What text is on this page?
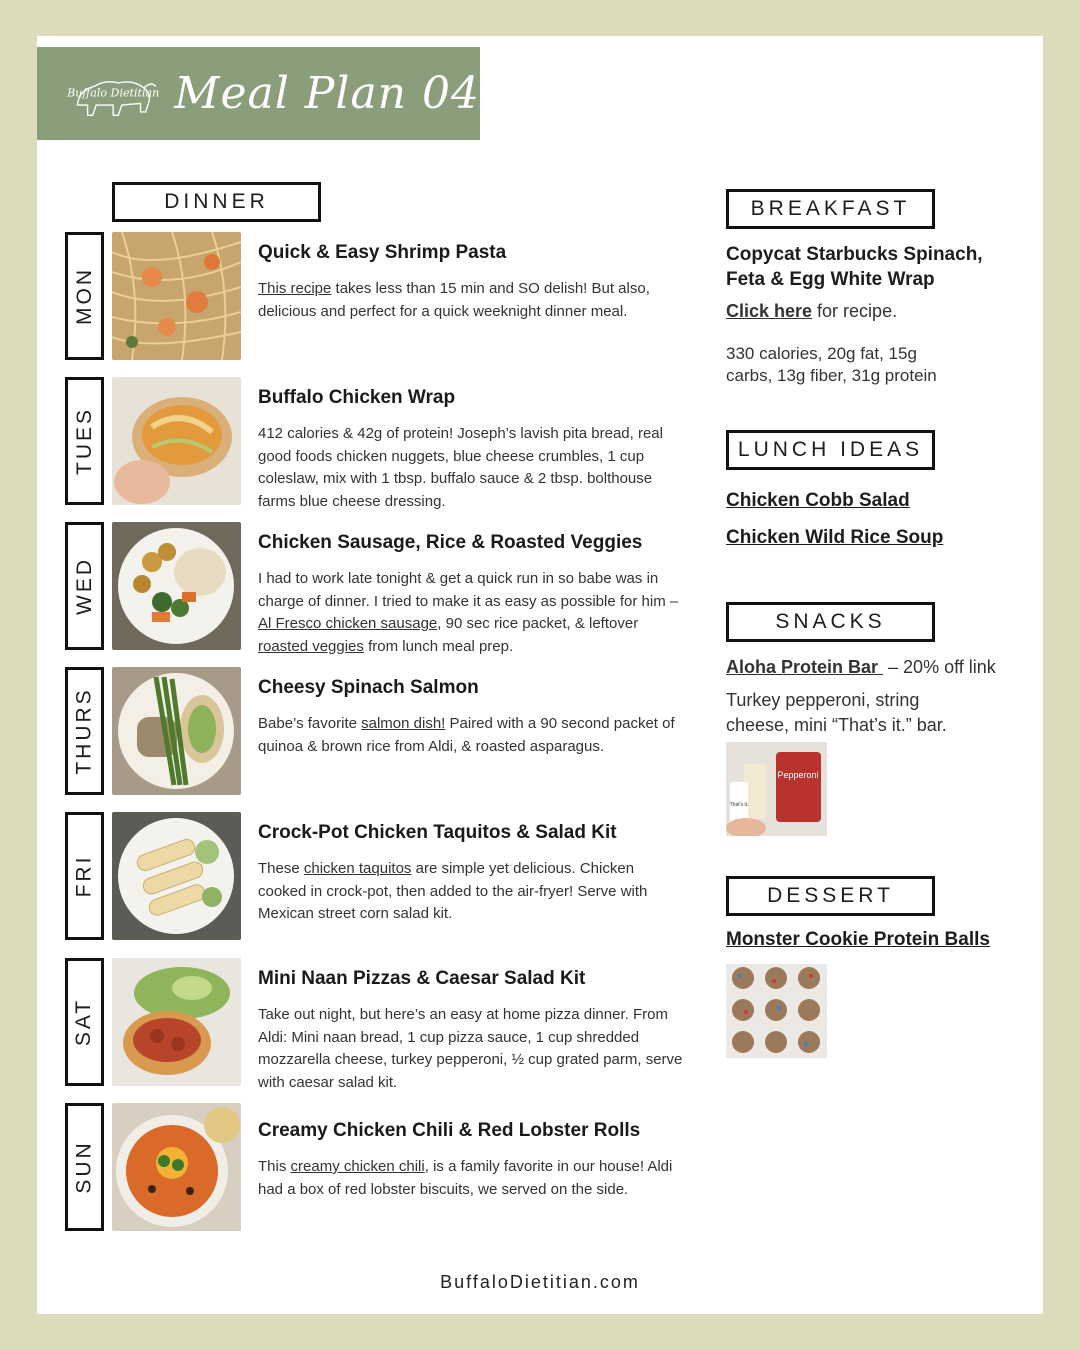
Buffalo Dietitian Meal Plan 04
DINNER
MON

Quick & Easy Shrimp Pasta

This recipe takes less than 15 min and SO delish! But also, delicious and perfect for a quick weeknight dinner meal.

TUES

Buffalo Chicken Wrap

412 calories & 42g of protein! Joseph’s lavish pita bread, real good foods chicken nuggets, blue cheese crumbles, 1 cup coleslaw, mix with 1 tbsp. buffalo sauce & 2 tbsp. bolthouse farms blue cheese dressing.

WED

Chicken Sausage, Rice & Roasted Veggies

I had to work late tonight & get a quick run in so babe was in charge of dinner. I tried to make it as easy as possible for him – Al Fresco chicken sausage, 90 sec rice packet, & leftover roasted veggies from lunch meal prep.

THURS	Cheesy Spinach Salmon

Babe’s favorite salmon dish! Paired with a 90 second packet of quinoa & brown rice from Aldi, & roasted asparagus.

FRI

Crock-Pot Chicken Taquitos & Salad Kit

These chicken taquitos are simple yet delicious. Chicken cooked in crock-pot, then added to the air-fryer! Serve with Mexican street corn salad kit.

SAT

Mini Naan Pizzas & Caesar Salad Kit

Take out night, but here’s an easy at home pizza dinner. From Aldi: Mini naan bread, 1 cup pizza sauce, 1 cup shredded mozzarella cheese, turkey pepperoni, ½ cup grated parm, serve with caesar salad kit.

SUN

Creamy Chicken Chili & Red Lobster Rolls

This creamy chicken chili, is a family favorite in our house! Aldi had a box of red lobster biscuits, we served on the side.

BREAKFAST
Copycat Starbucks Spinach, Feta & Egg White Wrap
Click here for recipe.
330 calories, 20g fat, 15g carbs, 13g fiber, 31g protein
LUNCH IDEAS
Chicken Cobb Salad
Chicken Wild Rice Soup
SNACKS
Aloha Protein Bar  – 20% off link
Turkey pepperoni, string cheese, mini “That’s it.” bar.
Pepperoni
That's it.
DESSERT
Monster Cookie Protein Balls
BuffaloDietitian.com
